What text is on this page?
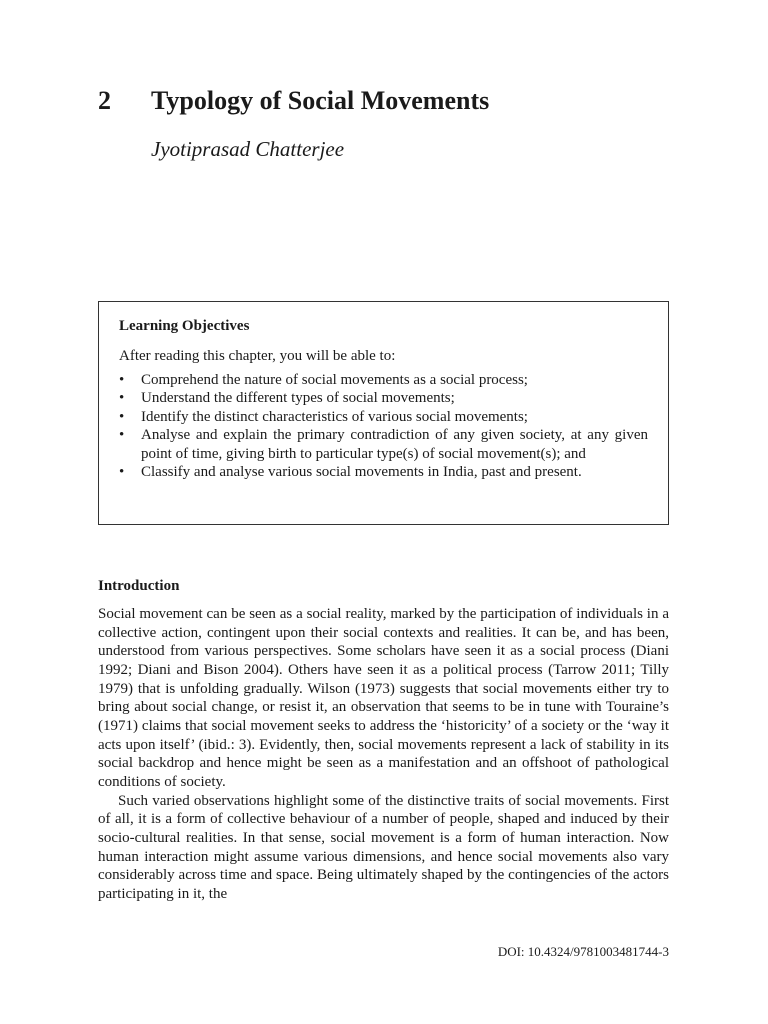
2 Typology of Social Movements
Jyotiprasad Chatterjee

Learning Objectives

After reading this chapter, you will be able to:

• Comprehend the nature of social movements as a social process;
• Understand the different types of social movements;
• Identify the distinct characteristics of various social movements;
• Analyse and explain the primary contradiction of any given society, at any given point of time, giving birth to particular type(s) of social movement(s); and
• Classify and analyse various social movements in India, past and present.
Introduction

Social movement can be seen as a social reality, marked by the participation of individuals in a collective action, contingent upon their social contexts and realities. It can be, and has been, understood from various perspectives. Some scholars have seen it as a social process (Diani 1992; Diani and Bison 2004). Others have seen it as a political process (Tarrow 2011; Tilly 1979) that is unfolding gradually. Wilson (1973) suggests that social movements either try to bring about social change, or resist it, an observation that seems to be in tune with Touraine’s (1971) claims that social movement seeks to address the ‘historicity’ of a society or the ‘way it acts upon itself’ (ibid.: 3). Evidently, then, social movements represent a lack of stability in its social backdrop and hence might be seen as a manifestation and an offshoot of pathological conditions of society.

Such varied observations highlight some of the distinctive traits of social movements. First of all, it is a form of collective behaviour of a number of people, shaped and induced by their socio-cultural realities. In that sense, social movement is a form of human interaction. Now human interaction might assume various dimensions, and hence social movements also vary considerably across time and space. Being ultimately shaped by the contingencies of the actors participating in it, the

DOI: 10.4324/9781003481744-3
